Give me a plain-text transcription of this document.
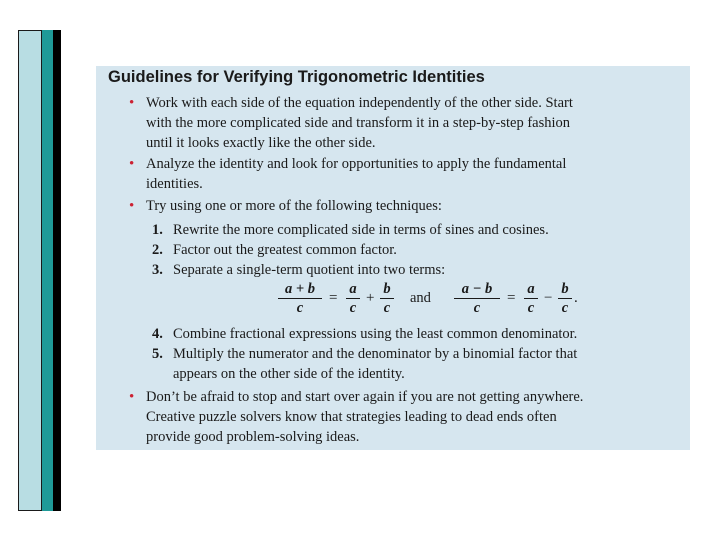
Guidelines for Verifying Trigonometric Identities
• Work with each side of the equation independently of the other side. Start
with the more complicated side and transform it in a step-by-step fashion
until it looks exactly like the other side.
• Analyze the identity and look for opportunities to apply the fundamental
identities.
• Try using one or more of the following techniques:
1. Rewrite the more complicated side in terms of sines and cosines.
2. Factor out the greatest common factor.
3. Separate a single-term quotient into two terms:
a + b
c
=
a
c
+
b
c
and
a − b
c
=
a
c
−
b
c
.
4. Combine fractional expressions using the least common denominator.
5. Multiply the numerator and the denominator by a binomial factor that
appears on the other side of the identity.
• Don’t be afraid to stop and start over again if you are not getting anywhere.
Creative puzzle solvers know that strategies leading to dead ends often
provide good problem-solving ideas.
